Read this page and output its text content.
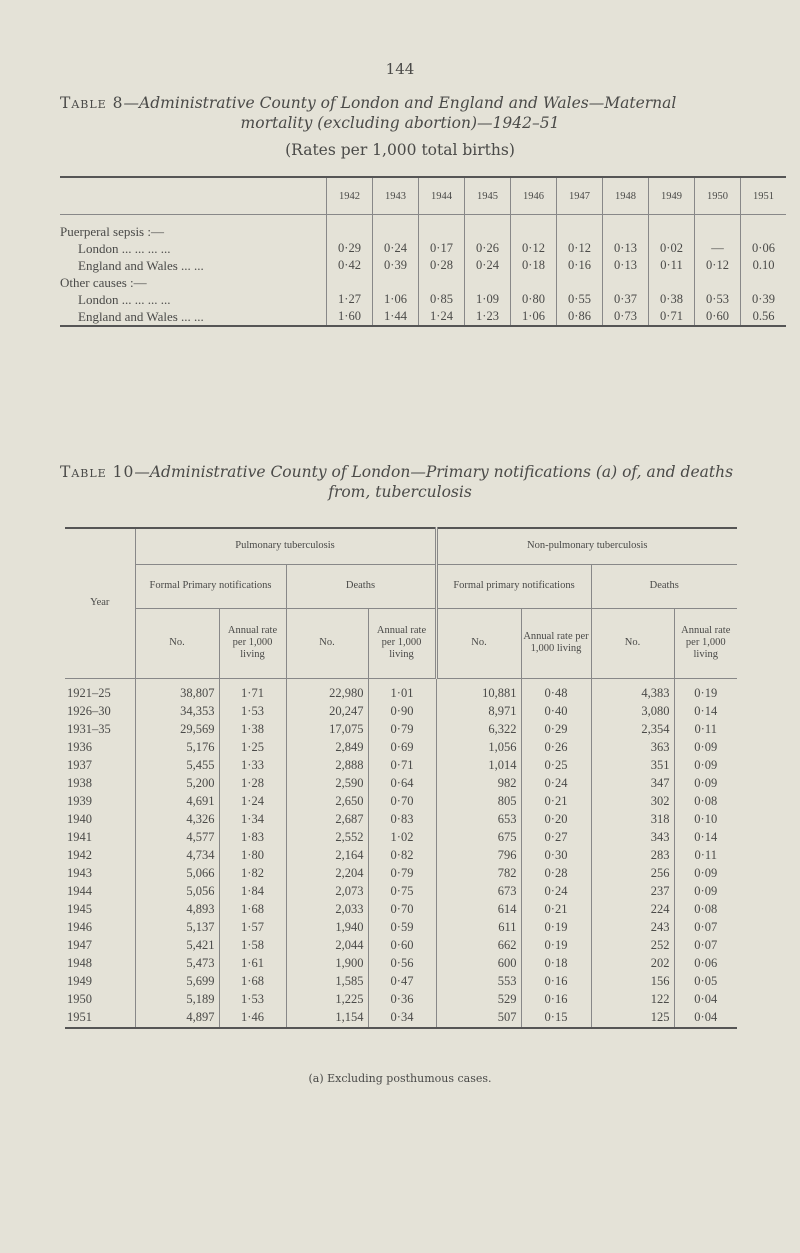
144
Table 8—Administrative County of London and England and Wales—Maternal
mortality (excluding abortion)—1942–51
(Rates per 1,000 total births)
	1942	1943	1944	1945	1946	1947	1948	1949	1950	1951
Puerperal sepsis :—										
London ... ... ... ...	0·29	0·24	0·17	0·26	0·12	0·12	0·13	0·02	—	0·06
England and Wales ... ...	0·42	0·39	0·28	0·24	0·18	0·16	0·13	0·11	0·12	0.10
Other causes :—										
London ... ... ... ...	1·27	1·06	0·85	1·09	0·80	0·55	0·37	0·38	0·53	0·39
England and Wales ... ...	1·60	1·44	1·24	1·23	1·06	0·86	0·73	0·71	0·60	0.56
Table 10—Administrative County of London—Primary notifications (a) of, and deaths
from, tuberculosis
Year	Pulmonary tuberculosis				Non-pulmonary tuberculosis			
	Formal Primary notifications		Deaths		Formal primary notifications		Deaths	
	No.	Annual rate per 1,000 living	No.	Annual rate per 1,000 living	No.	Annual rate per 1,000 living	No.	Annual rate per 1,000 living
1921–25	38,807	1·71	22,980	1·01	10,881	0·48	4,383	0·19
1926–30	34,353	1·53	20,247	0·90	8,971	0·40	3,080	0·14
1931–35	29,569	1·38	17,075	0·79	6,322	0·29	2,354	0·11
1936	5,176	1·25	2,849	0·69	1,056	0·26	363	0·09
1937	5,455	1·33	2,888	0·71	1,014	0·25	351	0·09
1938	5,200	1·28	2,590	0·64	982	0·24	347	0·09
1939	4,691	1·24	2,650	0·70	805	0·21	302	0·08
1940	4,326	1·34	2,687	0·83	653	0·20	318	0·10
1941	4,577	1·83	2,552	1·02	675	0·27	343	0·14
1942	4,734	1·80	2,164	0·82	796	0·30	283	0·11
1943	5,066	1·82	2,204	0·79	782	0·28	256	0·09
1944	5,056	1·84	2,073	0·75	673	0·24	237	0·09
1945	4,893	1·68	2,033	0·70	614	0·21	224	0·08
1946	5,137	1·57	1,940	0·59	611	0·19	243	0·07
1947	5,421	1·58	2,044	0·60	662	0·19	252	0·07
1948	5,473	1·61	1,900	0·56	600	0·18	202	0·06
1949	5,699	1·68	1,585	0·47	553	0·16	156	0·05
1950	5,189	1·53	1,225	0·36	529	0·16	122	0·04
1951	4,897	1·46	1,154	0·34	507	0·15	125	0·04
(a) Excluding posthumous cases.
